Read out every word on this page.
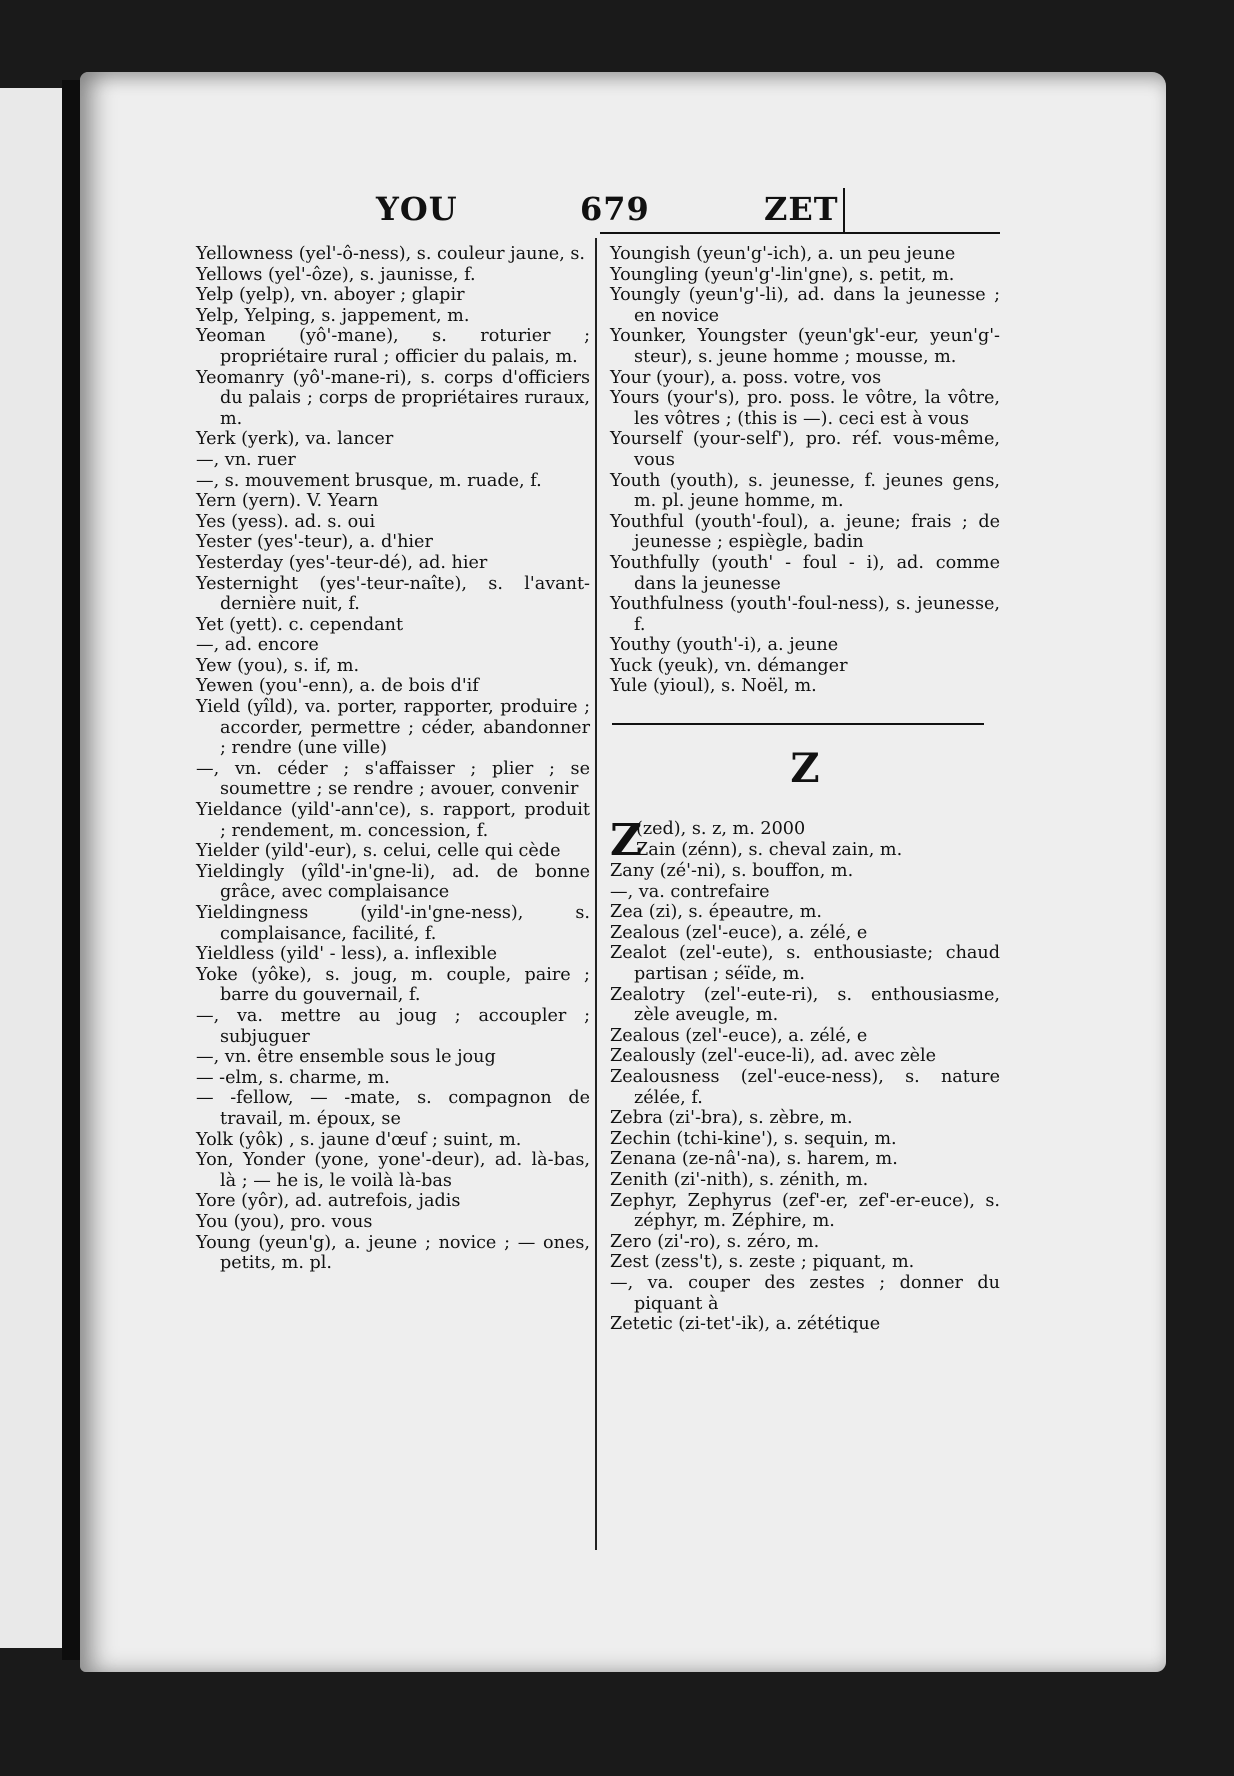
YOU	679	ZET

Yellowness (yel'-ô-ness), s. couleur jaune, s.

Yellows (yel'-ôze), s. jaunisse, f.

Yelp (yelp), vn. aboyer ; glapir

Yelp, Yelping, s. jappement, m.

Yeoman (yô'-mane), s. roturier ; propriétaire rural ; officier du palais, m.

Yeomanry (yô'-mane-ri), s. corps d'officiers du palais ; corps de propriétaires ruraux, m.

Yerk (yerk), va. lancer

—, vn. ruer

—, s. mouvement brusque, m. ruade, f.

Yern (yern). V. Yearn

Yes (yess). ad. s. oui

Yester (yes'-teur), a. d'hier

Yesterday (yes'-teur-dé), ad. hier

Yesternight (yes'-teur-naîte), s. l'avant-dernière nuit, f.

Yet (yett). c. cependant

—, ad. encore

Yew (you), s. if, m.

Yewen (you'-enn), a. de bois d'if

Yield (yîld), va. porter, rapporter, produire ; accorder, permettre ; céder, abandonner ; rendre (une ville)

—, vn. céder ; s'affaisser ; plier ; se soumettre ; se rendre ; avouer, convenir

Yieldance (yild'-ann'ce), s. rapport, produit ; rendement, m. concession, f.

Yielder (yild'-eur), s. celui, celle qui cède

Yieldingly (yîld'-in'gne-li), ad. de bonne grâce, avec complaisance

Yieldingness (yild'-in'gne-ness), s. complaisance, facilité, f.

Yieldless (yild' - less), a. inflexible

Yoke (yôke), s. joug, m. couple, paire ; barre du gouvernail, f.

—, va. mettre au joug ; accoupler ; subjuguer

—, vn. être ensemble sous le joug

— -elm, s. charme, m.

— -fellow, — -mate, s. compagnon de travail, m. époux, se

Yolk (yôk) , s. jaune d'œuf ; suint, m.

Yon, Yonder (yone, yone'-deur), ad. là-bas, là ; — he is, le voilà là-bas

Yore (yôr), ad. autrefois, jadis

You (you), pro. vous

Young (yeun'g), a. jeune ; novice ; — ones, petits, m. pl.

Youngish (yeun'g'-ich), a. un peu jeune

Youngling (yeun'g'-lin'gne), s. petit, m.

Youngly (yeun'g'-li), ad. dans la jeunesse ; en novice

Younker, Youngster (yeun'gk'-eur, yeun'g'-steur), s. jeune homme ; mousse, m.

Your (your), a. poss. votre, vos

Yours (your's), pro. poss. le vôtre, la vôtre, les vôtres ; (this is —). ceci est à vous

Yourself (your-self'), pro. réf. vous-même, vous

Youth (youth), s. jeunesse, f. jeunes gens, m. pl. jeune homme, m.

Youthful (youth'-foul), a. jeune; frais ; de jeunesse ; espiègle, badin

Youthfully (youth' - foul - i), ad. comme dans la jeunesse

Youthfulness (youth'-foul-ness), s. jeunesse, f.

Youthy (youth'-i), a. jeune

Yuck (yeuk), vn. démanger

Yule (yioul), s. Noël, m.

Z
Z
(zed), s. z, m. 2000
Zain (zénn), s. cheval zain, m.

Zany (zé'-ni), s. bouffon, m.

—, va. contrefaire

Zea (zi), s. épeautre, m.

Zealous (zel'-euce), a. zélé, e

Zealot (zel'-eute), s. enthousiaste; chaud partisan ; séïde, m.

Zealotry (zel'-eute-ri), s. enthousiasme, zèle aveugle, m.

Zealous (zel'-euce), a. zélé, e

Zealously (zel'-euce-li), ad. avec zèle

Zealousness (zel'-euce-ness), s. nature zélée, f.

Zebra (zi'-bra), s. zèbre, m.

Zechin (tchi-kine'), s. sequin, m.

Zenana (ze-nâ'-na), s. harem, m.

Zenith (zi'-nith), s. zénith, m.

Zephyr, Zephyrus (zef'-er, zef'-er-euce), s. zéphyr, m. Zéphire, m.

Zero (zi'-ro), s. zéro, m.

Zest (zess't), s. zeste ; piquant, m.

—, va. couper des zestes ; donner du piquant à

Zetetic (zi-tet'-ik), a. zététique
